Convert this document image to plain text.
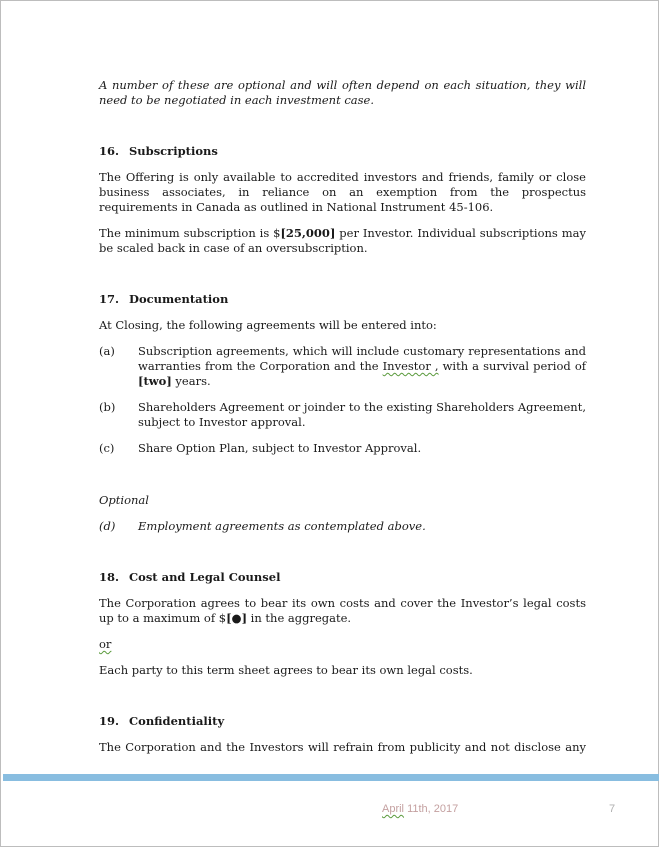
A number of these are optional and will often depend on each situation, they will need to be negotiated in each investment case.

16. Subscriptions

The Offering is only available to accredited investors and friends, family or close business associates, in reliance on an exemption from the prospectus requirements in Canada as outlined in National Instrument 45-106.

The minimum subscription is $[25,000] per Investor. Individual subscriptions may be scaled back in case of an oversubscription.

17. Documentation

At Closing, the following agreements will be entered into:

(a)	Subscription agreements, which will include customary representations and warranties from the Corporation and the Investor , with a survival period of [two] years.
(b)	Shareholders Agreement or joinder to the existing Shareholders Agreement, subject to Investor approval.
(c)	Share Option Plan, subject to Investor Approval.

Optional

(d)	Employment agreements as contemplated above.
18. Cost and Legal Counsel

The Corporation agrees to bear its own costs and cover the Investor’s legal costs up to a maximum of $[●] in the aggregate.

or

Each party to this term sheet agrees to bear its own legal costs.

19. Confidentiality

The Corporation and the Investors will refrain from publicity and not disclose any

April 11th, 2017	7
